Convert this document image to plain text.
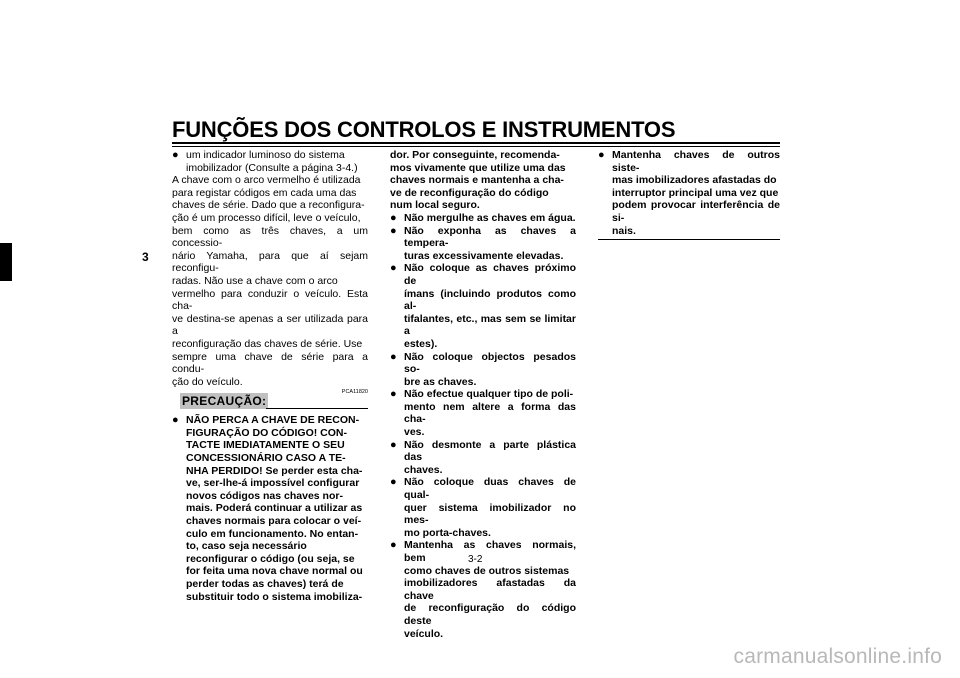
FUNÇÕES DOS CONTROLOS E INSTRUMENTOS
3
● um indicador luminoso do sistema
imobilizador (Consulte a página 3-4.)
A chave com o arco vermelho é utilizada
para registar códigos em cada uma das
chaves de série. Dado que a reconfigura-
ção é um processo difícil, leve o veículo,
bem como as três chaves, a um concessio-
nário Yamaha, para que aí sejam reconfigu-
radas. Não use a chave com o arco
vermelho para conduzir o veículo. Esta cha-
ve destina-se apenas a ser utilizada para a
reconfiguração das chaves de série. Use
sempre uma chave de série para a condu-
ção do veículo.
PRECAUÇÃO:
PCA11820
● NÃO PERCA A CHAVE DE RECON-
FIGURAÇÃO DO CÓDIGO! CON-
TACTE IMEDIATAMENTE O SEU
CONCESSIONÁRIO CASO A TE-
NHA PERDIDO! Se perder esta cha-
ve, ser-lhe-á impossível configurar
novos códigos nas chaves nor-
mais. Poderá continuar a utilizar as
chaves normais para colocar o veí-
culo em funcionamento. No entan-
to, caso seja necessário
reconfigurar o código (ou seja, se
for feita uma nova chave normal ou
perder todas as chaves) terá de
substituir todo o sistema imobiliza-
dor. Por conseguinte, recomenda-
mos vivamente que utilize uma das
chaves normais e mantenha a cha-
ve de reconfiguração do código
num local seguro.
● Não mergulhe as chaves em água.
● Não exponha as chaves a tempera-
turas excessivamente elevadas.
● Não coloque as chaves próximo de
ímans (incluindo produtos como al-
tifalantes, etc., mas sem se limitar a
estes).
● Não coloque objectos pesados so-
bre as chaves.
● Não efectue qualquer tipo de poli-
mento nem altere a forma das cha-
ves.
● Não desmonte a parte plástica das
chaves.
● Não coloque duas chaves de qual-
quer sistema imobilizador no mes-
mo porta-chaves.
● Mantenha as chaves normais, bem
como chaves de outros sistemas
imobilizadores afastadas da chave
de reconfiguração do código deste
veículo.
● Mantenha chaves de outros siste-
mas imobilizadores afastadas do
interruptor principal uma vez que
podem provocar interferência de si-
nais.
3-2
carmanualsonline.info
